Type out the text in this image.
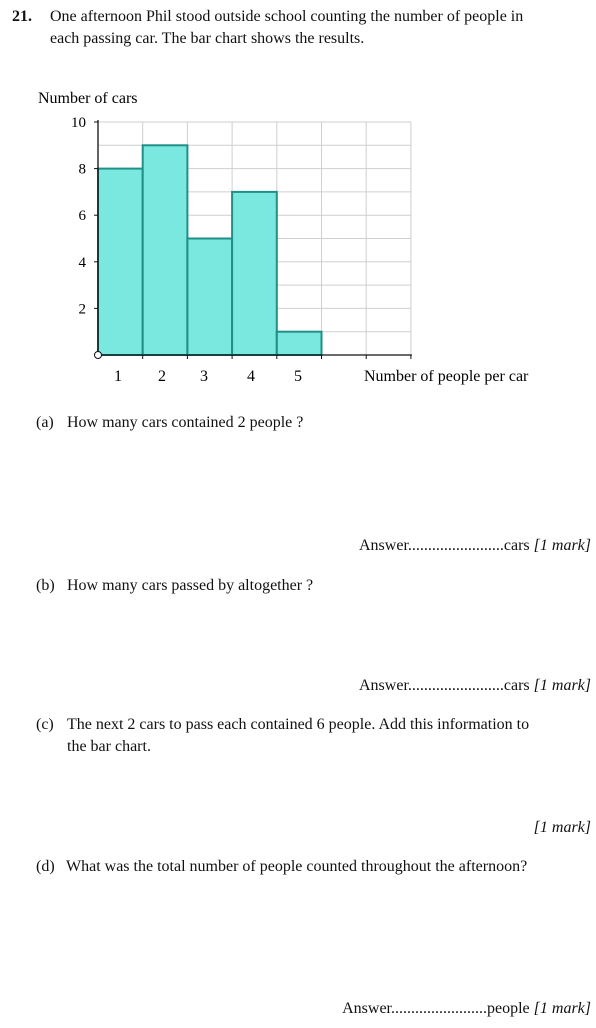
21. One afternoon Phil stood outside school counting the number of people in
each passing car. The bar chart shows the results.
Number of cars
Number of people per car
10
8
6
4
2
1 2 3 4 5
(a) How many cars contained 2 people ?
Answer........................cars [1 mark]
(b) How many cars passed by altogether ?
Answer........................cars [1 mark]
(c) The next 2 cars to pass each contained 6 people. Add this information to
the bar chart.
[1 mark]
(d) What was the total number of people counted throughout the afternoon?
Answer........................people [1 mark]
